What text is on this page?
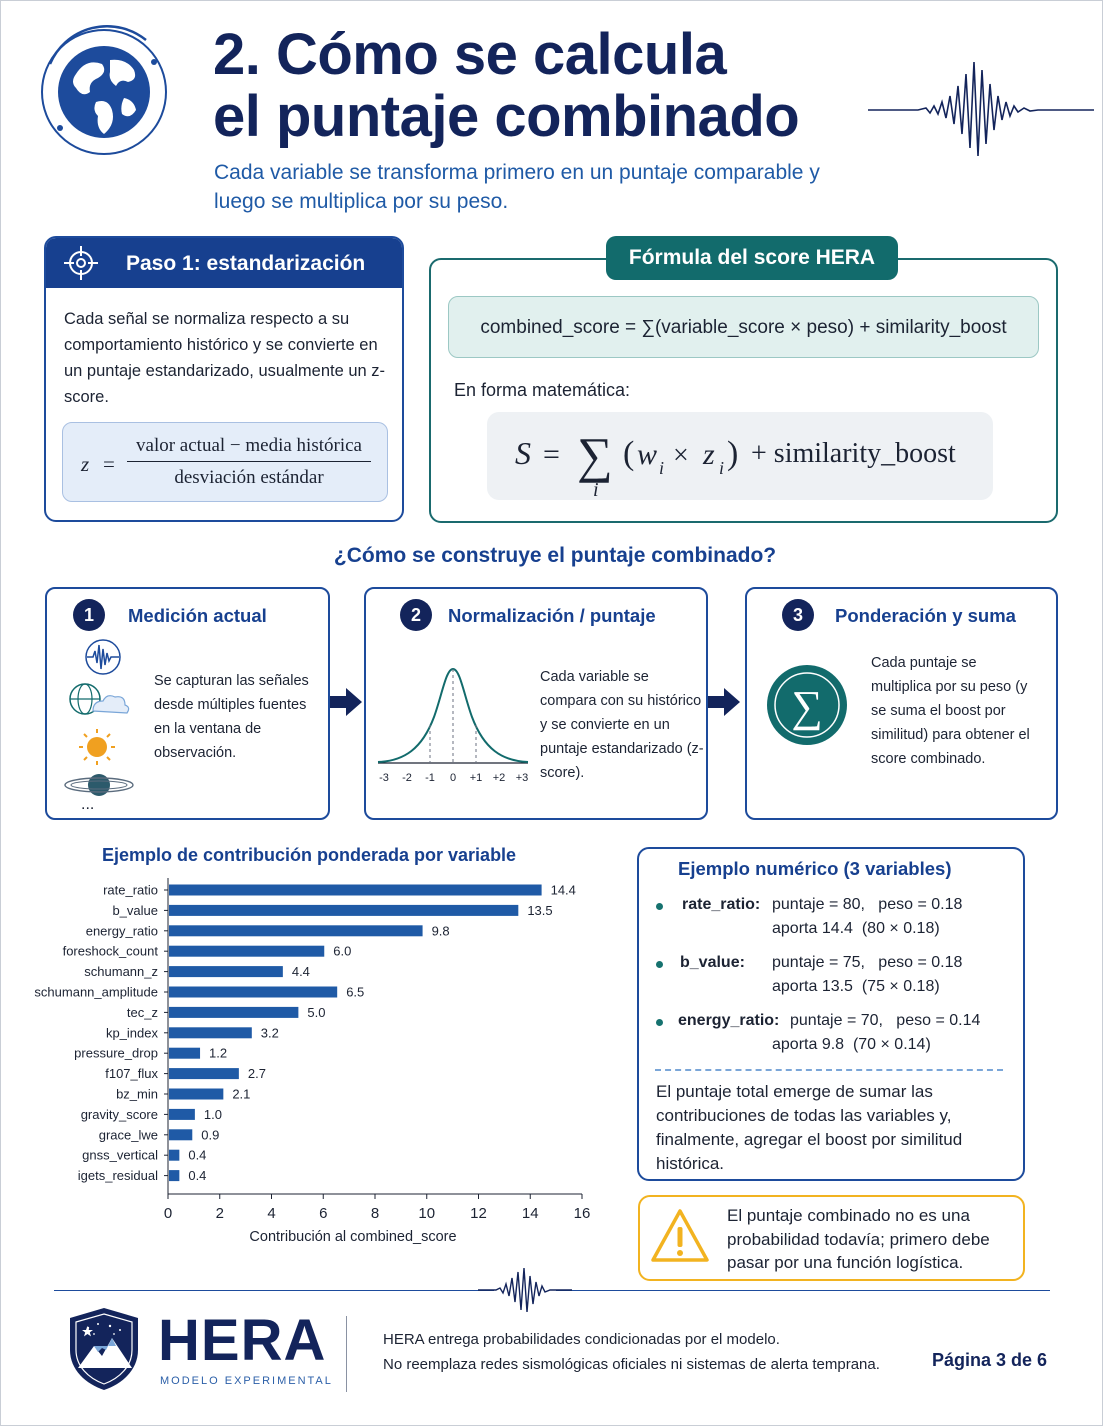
2. Cómo se calcula
el puntaje combinado
Cada variable se transforma primero en un puntaje comparable y
luego se multiplica por su peso.
Paso 1: estandarización
Cada señal se normaliza respecto a su comportamiento histórico y se convierte en un puntaje estandarizado, usualmente un z-score.
z =
valor actual − media histórica
desviación estándar
Fórmula del score HERA
combined_score = ∑(variable_score × peso) + similarity_boost
En forma matemática:
S = ∑
i
( w i × z i ) + similarity_boost
¿Cómo se construye el puntaje combinado?
1	Medición actual
...
Se capturan las señales desde múltiples fuentes en la ventana de observación.
2	Normalización / puntaje
-3 -2 -1 0 +1 +2 +3
Cada variable se compara con su histórico y se convierte en un puntaje estandarizado (z-score).
3	Ponderación y suma
∑
Cada puntaje se multiplica por su peso (y se suma el boost por similitud) para obtener el score combinado.
Ejemplo de contribución ponderada por variable
rate_ratio	14.4
b_value	13.5
energy_ratio	9.8
foreshock_count	6.0
schumann_z	4.4
schumann_amplitude	6.5
tec_z	5.0
kp_index	3.2
pressure_drop	1.2
f107_flux	2.7
bz_min	2.1
gravity_score	1.0
grace_lwe	0.9
gnss_vertical 0.4
igets_residual 0.4
0	2	4	6	8	10 12 14 16
Contribución al combined_score
Ejemplo numérico (3 variables)
rate_ratio: puntaje = 80,   peso = 0.18
aporta 14.4  (80 × 0.18)
b_value: puntaje = 75,   peso = 0.18
aporta 13.5  (75 × 0.18)
energy_ratio: puntaje = 70,   peso = 0.14
aporta 9.8  (70 × 0.14)
El puntaje total emerge de sumar las contribuciones de todas las variables y, finalmente, agregar el boost por similitud histórica.
El puntaje combinado no es una probabilidad todavía; primero debe pasar por una función logística.
HERA
MODELO EXPERIMENTAL
HERA entrega probabilidades condicionadas por el modelo.
No reemplaza redes sismológicas oficiales ni sistemas de alerta temprana.	Página 3 de 6
